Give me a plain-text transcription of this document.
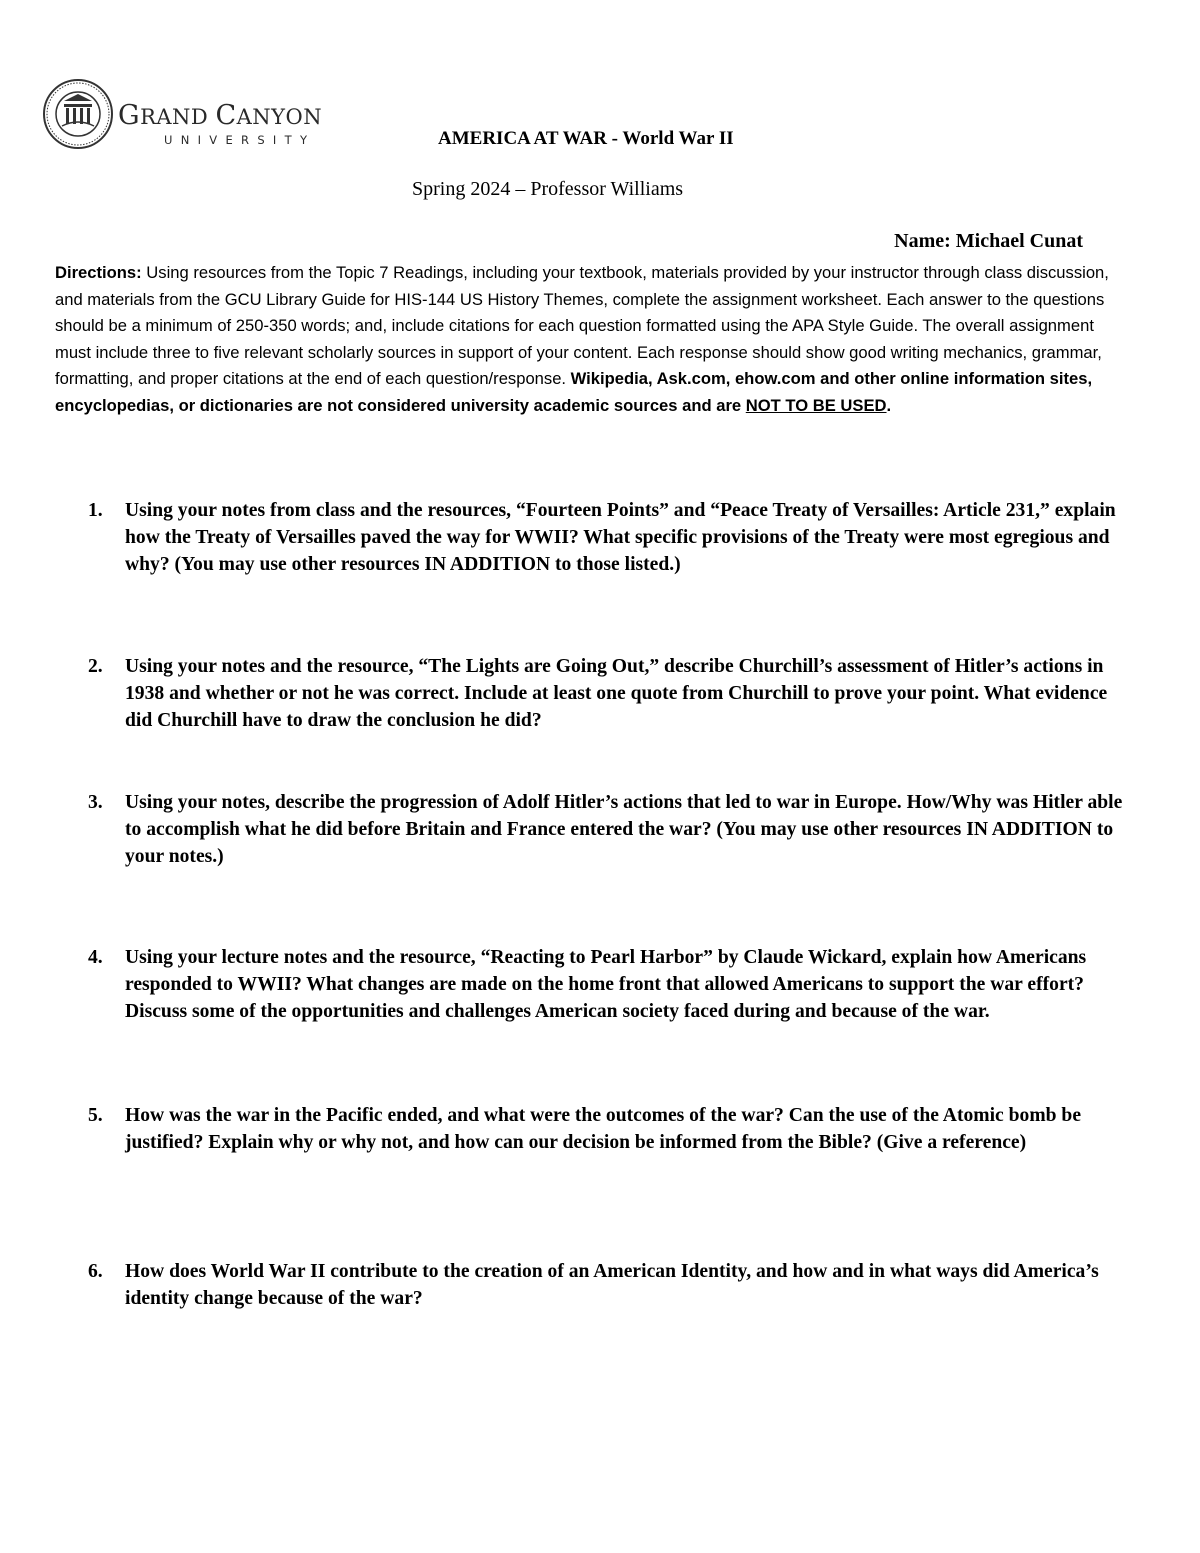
GRAND CANYON
UNIVERSITY	AMERICA AT WAR - World War II
Spring 2024 – Professor Williams
Name: Michael Cunat
Directions: Using resources from the Topic 7 Readings, including your textbook, materials provided by your instructor through class discussion, and materials from the GCU Library Guide for HIS-144 US History Themes, complete the assignment worksheet. Each answer to the questions should be a minimum of 250-350 words; and, include citations for each question formatted using the APA Style Guide. The overall assignment must include three to five relevant scholarly sources in support of your content. Each response should show good writing mechanics, grammar, formatting, and proper citations at the end of each question/response. Wikipedia, Ask.com, ehow.com and other online information sites, encyclopedias, or dictionaries are not considered university academic sources and are NOT TO BE USED.
1. Using your notes from class and the resources, “Fourteen Points” and “Peace Treaty of Versailles: Article 231,” explain how the Treaty of Versailles paved the way for WWII? What specific provisions of the Treaty were most egregious and why? (You may use other resources IN ADDITION to those listed.)
2. Using your notes and the resource, “The Lights are Going Out,” describe Churchill’s assessment of Hitler’s actions in 1938 and whether or not he was correct. Include at least one quote from Churchill to prove your point. What evidence did Churchill have to draw the conclusion he did?
3. Using your notes, describe the progression of Adolf Hitler’s actions that led to war in Europe. How/Why was Hitler able to accomplish what he did before Britain and France entered the war? (You may use other resources IN ADDITION to your notes.)
4. Using your lecture notes and the resource, “Reacting to Pearl Harbor” by Claude Wickard, explain how Americans responded to WWII? What changes are made on the home front that allowed Americans to support the war effort? Discuss some of the opportunities and challenges American society faced during and because of the war.
5. How was the war in the Pacific ended, and what were the outcomes of the war? Can the use of the Atomic bomb be justified? Explain why or why not, and how can our decision be informed from the Bible? (Give a reference)
6. How does World War II contribute to the creation of an American Identity, and how and in what ways did America’s identity change because of the war?
